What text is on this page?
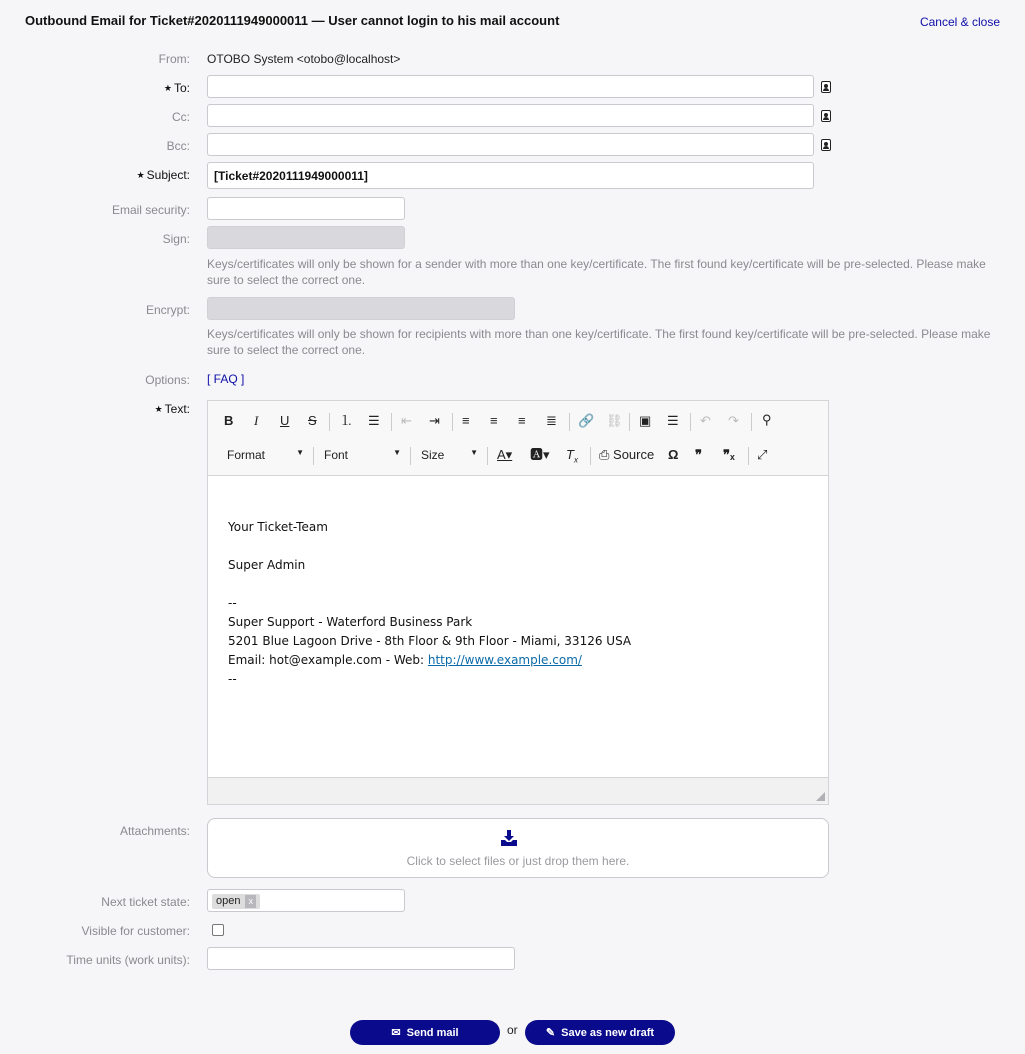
Outbound Email for Ticket#2020111949000011 — User cannot login to his mail account	Cancel & close
From: OTOBO System <otobo@localhost>
★ To:
Cc:
Bcc:
★ Subject:
[Ticket#2020111949000011]
Email security:
Sign:
Keys/certificates will only be shown for a sender with more than one key/certificate. The first found key/certificate will be pre-selected. Please make sure to select the correct one.
Encrypt:
Keys/certificates will only be shown for recipients with more than one key/certificate. The first found key/certificate will be pre-selected. Please make sure to select the correct one.
Options: [ FAQ ]
★ Text:
B I U S ⒈ ☰ ⇤ ⇥ ≡ ≡ ≡ ≣ 🔗 ⛓ ▣ ☰ ↶ ↷ ⚲
Format	▼ Font	▼ Size	▼ A▾ 🅰▾ $T_x$ ⎙ Source Ω ❞ ❞ₓ ⤢

Your Ticket-Team

Super Admin

--

Super Support - Waterford Business Park

5201 Blue Lagoon Drive - 8th Floor & 9th Floor - Miami, 33126 USA

Email: hot@example.com - Web: http://www.example.com/

--

Attachments:
Click to select files or just drop them here.
Next ticket state:	open x
Visible for customer:
Time units (work units):
✉ Send mail	or	✎ Save as new draft
